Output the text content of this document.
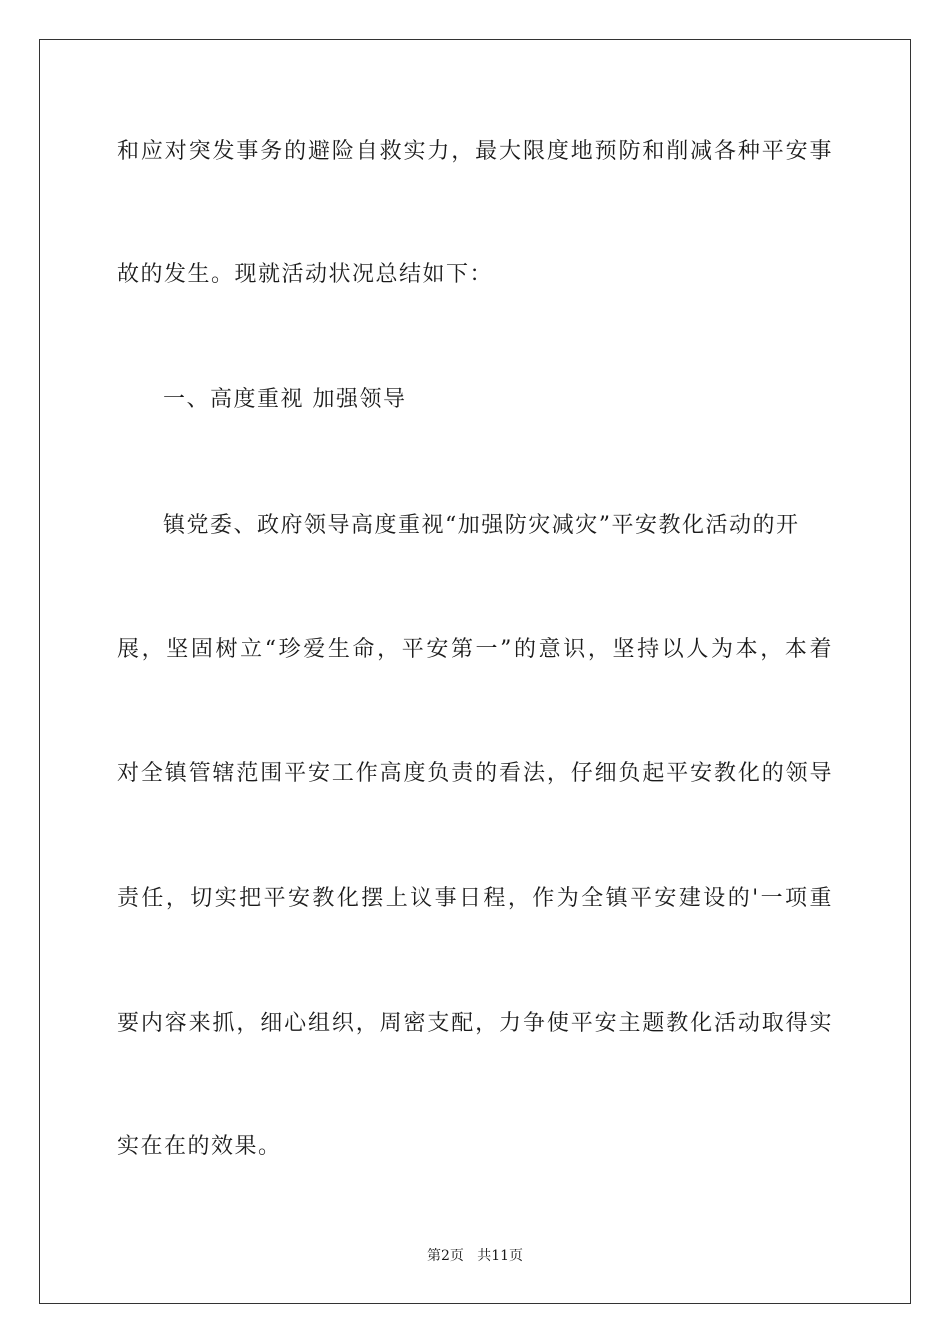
和应对突发事务的避险自救实力，最大限度地预防和削减各种平安事
故的发生。现就活动状况总结如下：
一、高度重视 加强领导
镇党委、政府领导高度重视“加强防灾减灾”平安教化活动的开
展，坚固树立“珍爱生命，平安第一”的意识，坚持以人为本，本着
对全镇管辖范围平安工作高度负责的看法，仔细负起平安教化的领导
责任，切实把平安教化摆上议事日程，作为全镇平安建设的'一项重
要内容来抓，细心组织，周密支配，力争使平安主题教化活动取得实
实在在的效果。
第2页   共11页
